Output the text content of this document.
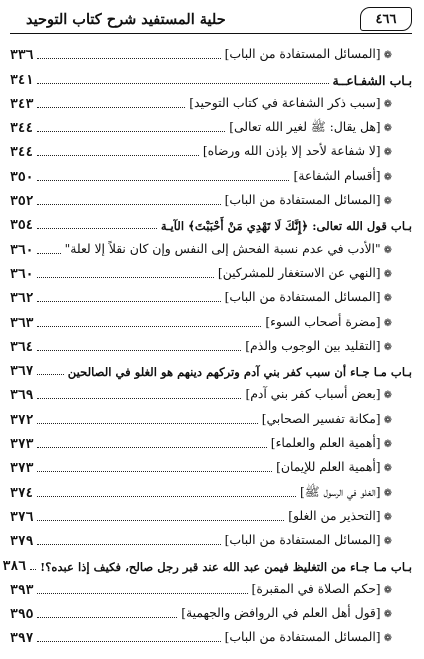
٤٦٦
حلية المستفيد شرح كتاب التوحيد
❁[المسائل المستفادة من الباب]
٣٣٦
بـاب الشفـاعــة
٣٤١
❁[سبب ذكر الشفاعة في كتاب التوحيد]
٣٤٣
❁[هل يقال: ﷺ لغير الله تعالى]
٣٤٤
❁[لا شفاعة لأحد إلا بإذن الله ورضاه]
٣٤٤
❁[أقسام الشفاعة]
٣٥٠
❁[المسائل المستفادة من الباب]
٣٥٢
بـاب قول الله تعالى: ﴿إِنَّكَ لَا تَهْدِي مَنْ أَحْبَبْتَ﴾ الآيـة
٣٥٤
❁"الأدب في عدم نسبة الفحش إلى النفس وإن كان نقلاً إلا لعلة"
٣٦٠
❁[النهي عن الاستغفار للمشركين]
٣٦٠
❁[المسائل المستفادة من الباب]
٣٦٢
❁[مضرة أصحاب السوء]
٣٦٣
❁[التقليد بين الوجوب والذم]
٣٦٤
بـاب مـا جـاء أن سبب كفر بني آدم وتركهم دينهم هو الغلو في الصالحين
٣٦٧
❁[بعض أسباب كفر بني آدم]
٣٦٩
❁[مكانة تفسير الصحابي]
٣٧٢
❁[أهمية العلم والعلماء]
٣٧٣
❁[أهمية العلم للإيمان]
٣٧٣
❁[الغلو في الرسول ﷺ]
٣٧٤
❁[التحذير من الغلو]
٣٧٦
❁[المسائل المستفادة من الباب]
٣٧٩
بـاب مـا جـاء من التغليظ فيمن عبد الله عند قبر رجل صالح، فكيف إذا عبده؟!
٣٨٦
❁[حكم الصلاة في المقبرة]
٣٩٣
❁[قول أهل العلم في الروافض والجهمية]
٣٩٥
❁[المسائل المستفادة من الباب]
٣٩٧
